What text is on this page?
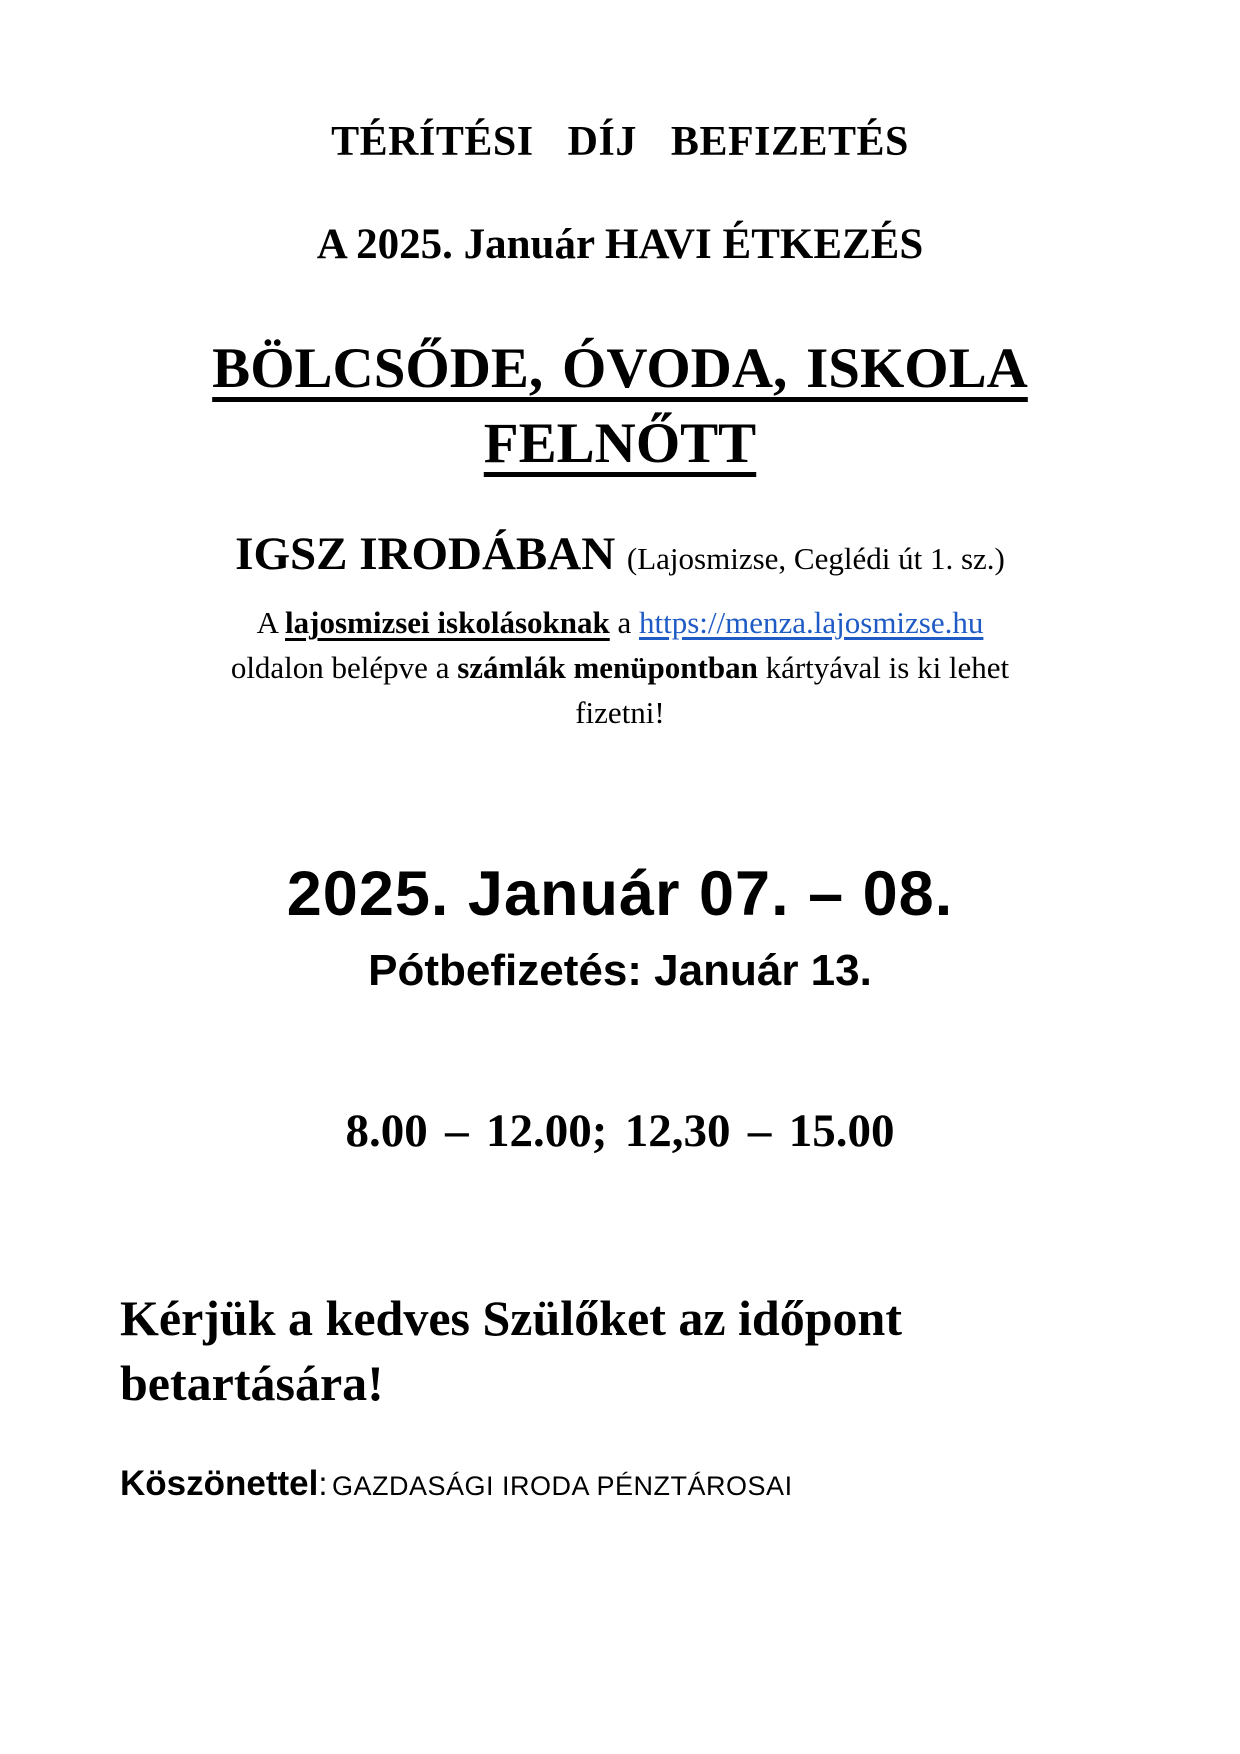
TÉRÍTÉSI DÍJ BEFIZETÉS
A 2025. Január HAVI ÉTKEZÉS
BÖLCSŐDE, ÓVODA, ISKOLA
FELNŐTT
IGSZ IRODÁBAN (Lajosmizse, Ceglédi út 1. sz.)
A lajosmizsei iskolásoknak a https://menza.lajosmizse.hu
oldalon belépve a számlák menüpontban kártyával is ki lehet
fizetni!
2025. Január 07. – 08.
Pótbefizetés: Január 13.
8.00 – 12.00; 12,30 – 15.00
Kérjük a kedves Szülőket az időpont
betartására!
Köszönettel: GAZDASÁGI IRODA PÉNZTÁROSAI
